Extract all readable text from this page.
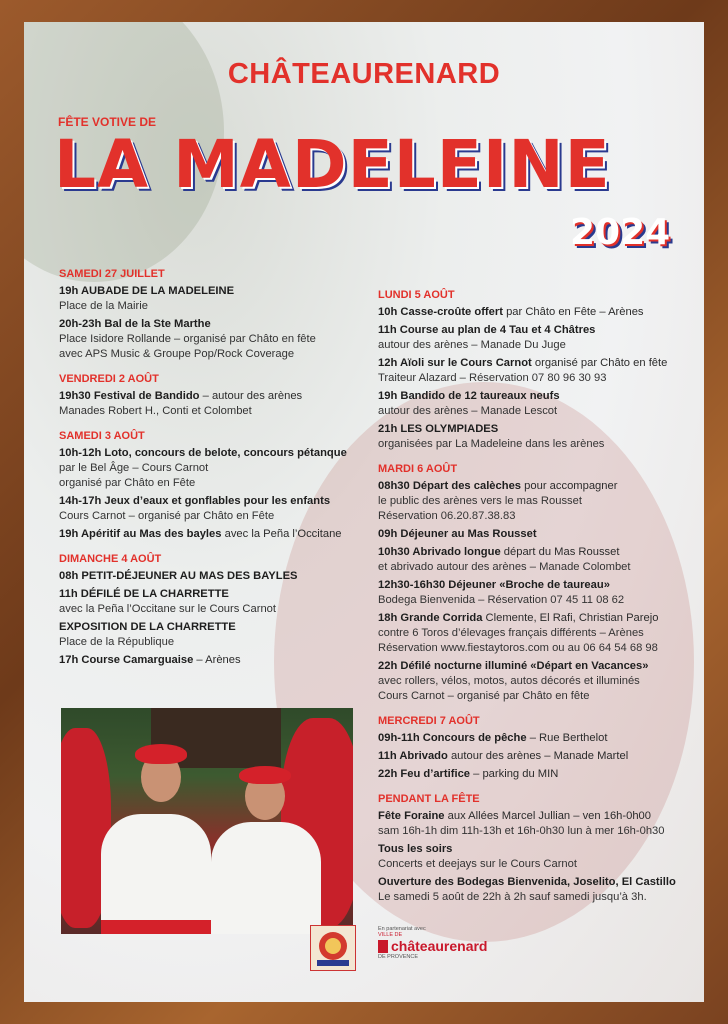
CHÂTEAURENARD
FÊTE VOTIVE DE
LA MADELEINE
2024
SAMEDI 27 JUILLET
19h AUBADE DE LA MADELEINE
Place de la Mairie
20h-23h Bal de la Ste Marthe
Place Isidore Rollande – organisé par Châto en fête
avec APS Music & Groupe Pop/Rock Coverage
VENDREDI 2 AOÛT
19h30 Festival de Bandido – autour des arènes
Manades Robert H., Conti et Colombet
SAMEDI 3 AOÛT
10h-12h Loto, concours de belote, concours pétanque
par le Bel Âge – Cours Carnot
organisé par Châto en Fête
14h-17h Jeux d’eaux et gonflables pour les enfants
Cours Carnot – organisé par Châto en Fête
19h Apéritif au Mas des bayles avec la Peña l’Occitane
DIMANCHE 4 AOÛT
08h PETIT-DÉJEUNER AU MAS DES BAYLES
11h DÉFILÉ DE LA CHARRETTE
avec la Peña l’Occitane sur le Cours Carnot
EXPOSITION DE LA CHARRETTE
Place de la République
17h Course Camarguaise – Arènes
LUNDI 5 AOÛT
10h Casse-croûte offert par Châto en Fête – Arènes
11h Course au plan de 4 Tau et 4 Châtres
autour des arènes – Manade Du Juge
12h Aïoli sur le Cours Carnot organisé par Châto en fête
Traiteur Alazard – Réservation 07 80 96 30 93
19h Bandido de 12 taureaux neufs
autour des arènes – Manade Lescot
21h LES OLYMPIADES
organisées par La Madeleine dans les arènes
MARDI 6 AOÛT
08h30 Départ des calèches pour accompagner
le public des arènes vers le mas Rousset
Réservation 06.20.87.38.83
09h Déjeuner au Mas Rousset
10h30 Abrivado longue départ du Mas Rousset
et abrivado autour des arènes – Manade Colombet
12h30-16h30 Déjeuner «Broche de taureau»
Bodega Bienvenida – Réservation 07 45 11 08 62
18h Grande Corrida Clemente, El Rafi, Christian Parejo
contre 6 Toros d’élevages français différents – Arènes
Réservation www.fiestaytoros.com ou au 06 64 54 68 98
22h Défilé nocturne illuminé «Départ en Vacances»
avec rollers, vélos, motos, autos décorés et illuminés
Cours Carnot – organisé par Châto en fête
MERCREDI 7 AOÛT
09h-11h Concours de pêche – Rue Berthelot
11h Abrivado autour des arènes – Manade Martel
22h Feu d’artifice – parking du MIN
PENDANT LA FÊTE
Fête Foraine aux Allées Marcel Jullian – ven 16h-0h00
sam 16h-1h dim 11h-13h et 16h-0h30 lun à mer 16h-0h30
Tous les soirs
Concerts et deejays sur le Cours Carnot
Ouverture des Bodegas Bienvenida, Joselito, El Castillo
Le samedi 5 août de 22h à 2h sauf samedi jusqu’à 3h.
En partenariat avec
VILLE DE
châteaurenard
DE PROVENCE
